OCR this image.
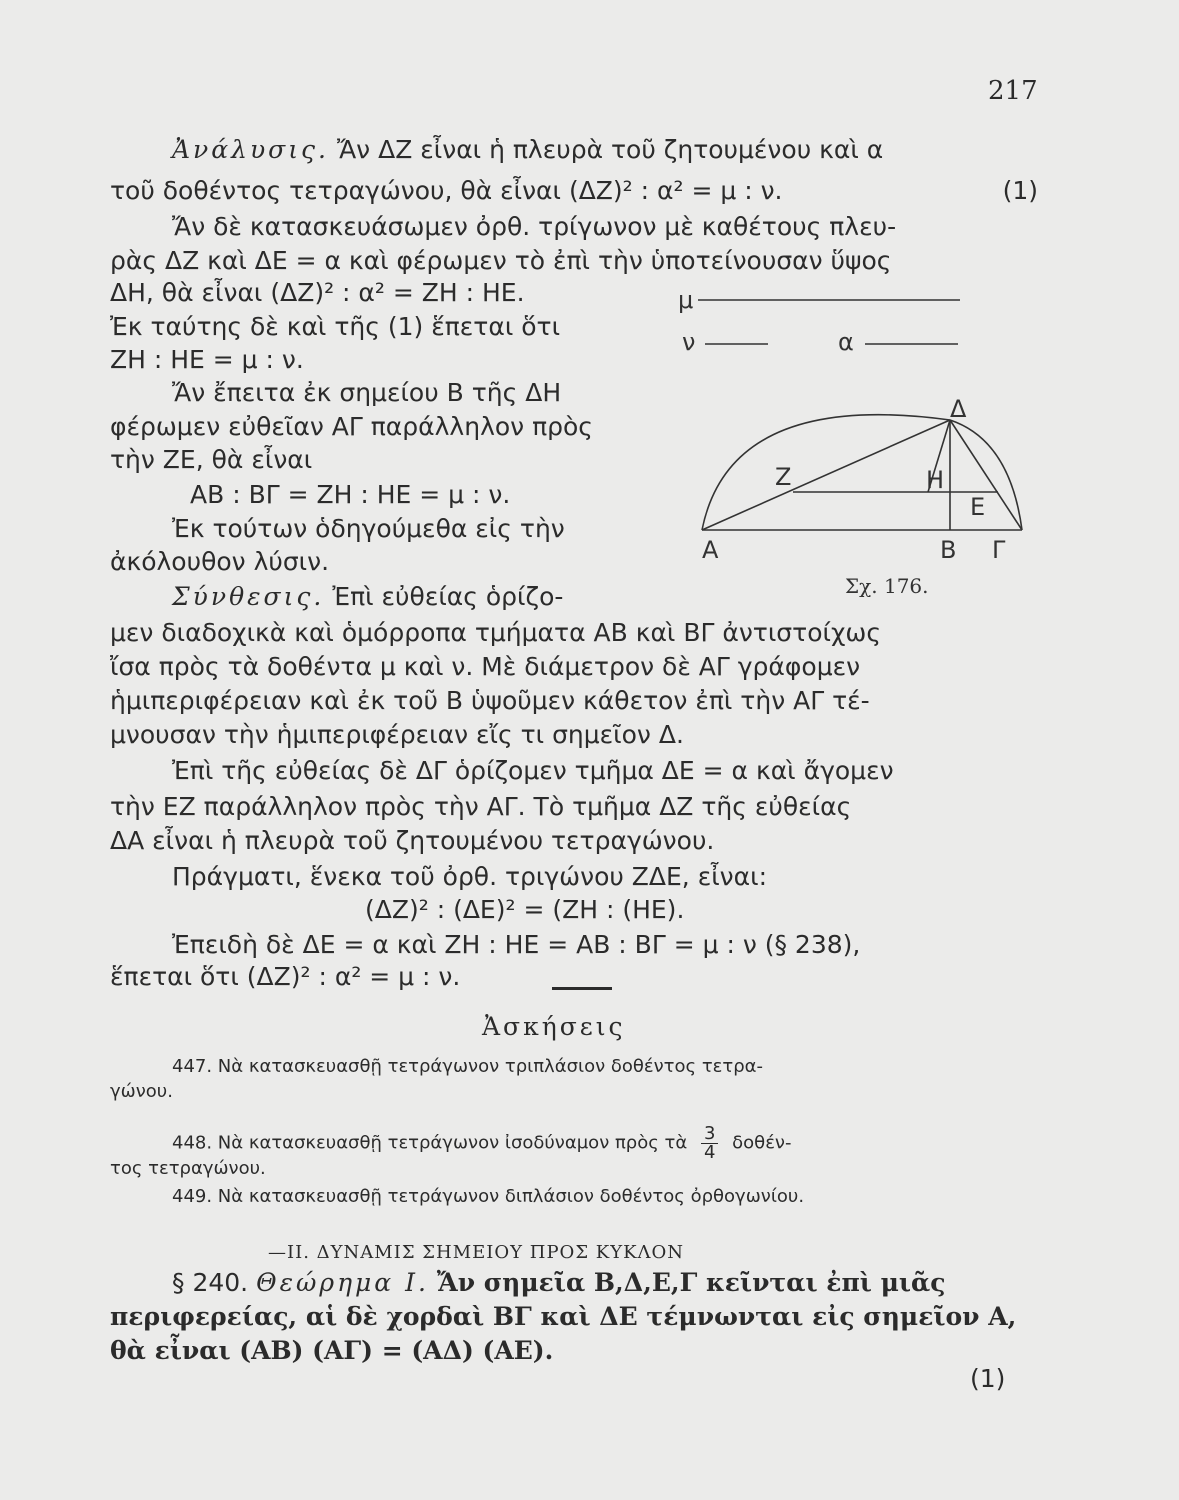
217
Ἀνάλυσις. Ἄν ΔΖ εἶναι ἡ πλευρὰ τοῦ ζητουμένου καὶ α
τοῦ δοθέντος τετραγώνου, θὰ εἶναι (ΔΖ)² : α² = μ : ν.	(1)
Ἄν δὲ κατασκευάσωμεν ὀρθ. τρίγωνον μὲ καθέτους πλευ-
ρὰς ΔΖ καὶ ΔΕ = α καὶ φέρωμεν τὸ ἐπὶ τὴν ὑποτείνουσαν ὕψος
ΔΗ, θὰ εἶναι (ΔΖ)² : α² = ΖΗ : ΗΕ.
Ἐκ ταύτης δὲ καὶ τῆς (1) ἕπεται ὅτι
ΖΗ : ΗΕ = μ : ν.
Ἄν ἔπειτα ἐκ σημείου Β τῆς ΔΗ
φέρωμεν εὐθεῖαν ΑΓ παράλληλον πρὸς
τὴν ΖΕ, θὰ εἶναι
ΑΒ : ΒΓ = ΖΗ : ΗΕ = μ : ν.
Ἐκ τούτων ὁδηγούμεθα εἰς τὴν
ἀκόλουθον λύσιν.
μ
ν	α
Δ
Η
Ε
Ζ
Α	Β Γ
Σχ. 176.
Σύνθεσις. Ἐπὶ εὐθείας ὁρίζο-
μεν διαδοχικὰ καὶ ὁμόρροπα τμήματα ΑΒ καὶ ΒΓ ἀντιστοίχως
ἴσα πρὸς τὰ δοθέντα μ καὶ ν. Μὲ διάμετρον δὲ ΑΓ γράφομεν
ἡμιπεριφέρειαν καὶ ἐκ τοῦ Β ὑψοῦμεν κάθετον ἐπὶ τὴν ΑΓ τέ-
μνουσαν τὴν ἡμιπεριφέρειαν εἴς τι σημεῖον Δ.
Ἐπὶ τῆς εὐθείας δὲ ΔΓ ὁρίζομεν τμῆμα ΔΕ = α καὶ ἄγομεν
τὴν ΕΖ παράλληλον πρὸς τὴν ΑΓ. Τὸ τμῆμα ΔΖ τῆς εὐθείας
ΔΑ εἶναι ἡ πλευρὰ τοῦ ζητουμένου τετραγώνου.
Πράγματι, ἕνεκα τοῦ ὀρθ. τριγώνου ΖΔΕ, εἶναι:
(ΔΖ)² : (ΔΕ)² = (ΖΗ : (ΗΕ).
Ἐπειδὴ δὲ ΔΕ = α καὶ ΖΗ : ΗΕ = ΑΒ : ΒΓ = μ : ν (§ 238),
ἕπεται ὅτι (ΔΖ)² : α² = μ : ν.
Ἀσκήσεις
447. Νὰ κατασκευασθῇ τετράγωνον τριπλάσιον δοθέντος τετρα-
γώνου.
448. Νὰ κατασκευασθῇ τετράγωνον ἰσοδύναμον πρὸς τὰ $\frac{3}{4} \delta o\theta έ\nu-$
τος τετραγώνου.
449. Νὰ κατασκευασθῇ τετράγωνον διπλάσιον δοθέντος ὀρθογωνίου.
—ΙΙ. ΔΥΝΑΜΙΣ ΣΗΜΕΙΟΥ ΠΡΟΣ ΚΥΚΛΟΝ
§ 240. Θεώρημα Ι. Ἄν σημεῖα Β,Δ,Ε,Γ κεῖνται ἐπὶ μιᾶς
περιφερείας, αἱ δὲ χορδαὶ ΒΓ καὶ ΔΕ τέμνωνται εἰς σημεῖον Α,
θὰ εἶναι (ΑΒ) (ΑΓ) = (ΑΔ) (ΑΕ).
(1)
